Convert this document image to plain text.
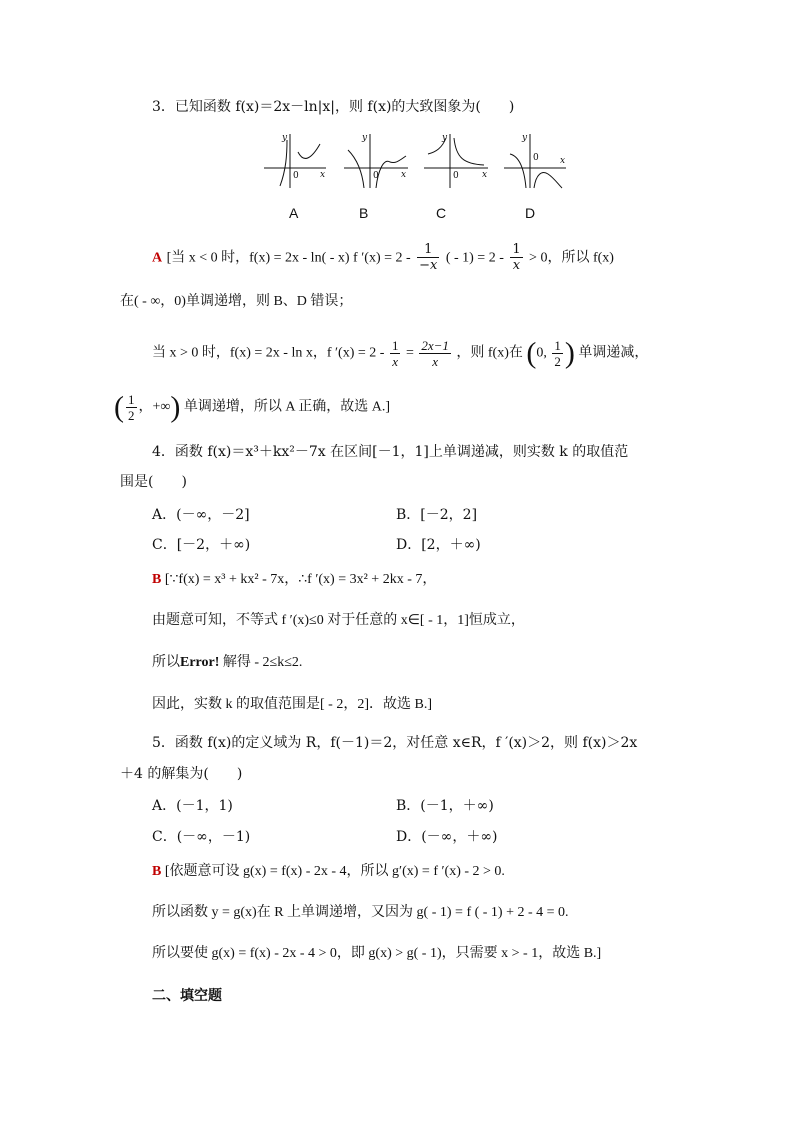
3．已知函数 f(x)＝2x－ln|x|，则 f(x)的大致图象为(　　)
y
0 x
y
0 x
y
0	x
y
0 x
A	B	C	D
A [当 x < 0 时，f(x) = 2x - ln( - x) f $'(x) = 2 - \frac{1}{-x}$ ( - $1) = 2 - \frac{1}{x} > 0$，所以 f(x)
在( - ∞，0)单调递增，则 B、D 错误；
当 x > 0 时，f(x) = 2x - ln x，f $'(x) = 2 - \frac{1}{x} = \frac{2x-1}{x}$ ，则 f(x)在 (0, $\frac{1}{2}$ ) 单调递减，
( $\frac{1}{2}$ ，+∞) 单调递增，所以 A 正确，故选 A.]
4．函数 f(x)＝x³＋kx²－7x 在区间[－1，1]上单调递减，则实数 k 的取值范
围是(　　)
A．(－∞，－2]	B．[－2，2]
C．[－2，＋∞)	D．[2，＋∞)
B [∵f(x) = x³ + kx² - 7x，∴f ′(x) = 3x² + 2kx - 7，
由题意可知，不等式 f ′(x)≤0 对于任意的 x∈[ - 1，1]恒成立，
所以Error! 解得 - 2≤k≤2.
因此，实数 k 的取值范围是[ - 2，2]．故选 B.]
5．函数 f(x)的定义域为 R，f(－1)＝2，对任意 x∈R，f ′(x)＞2，则 f(x)＞2x
＋4 的解集为(　　)
A．(－1，1)	B．(－1，＋∞)
C．(－∞，－1)	D．(－∞，＋∞)
B [依题意可设 g(x) = f(x) - 2x - 4，所以 g′(x) = f ′(x) - 2 > 0.
所以函数 y = g(x)在 R 上单调递增，又因为 g( - 1) = f ( - 1) + 2 - 4 = 0.
所以要使 g(x) = f(x) - 2x - 4 > 0，即 g(x) > g( - 1)，只需要 x > - 1，故选 B.]
二、填空题
